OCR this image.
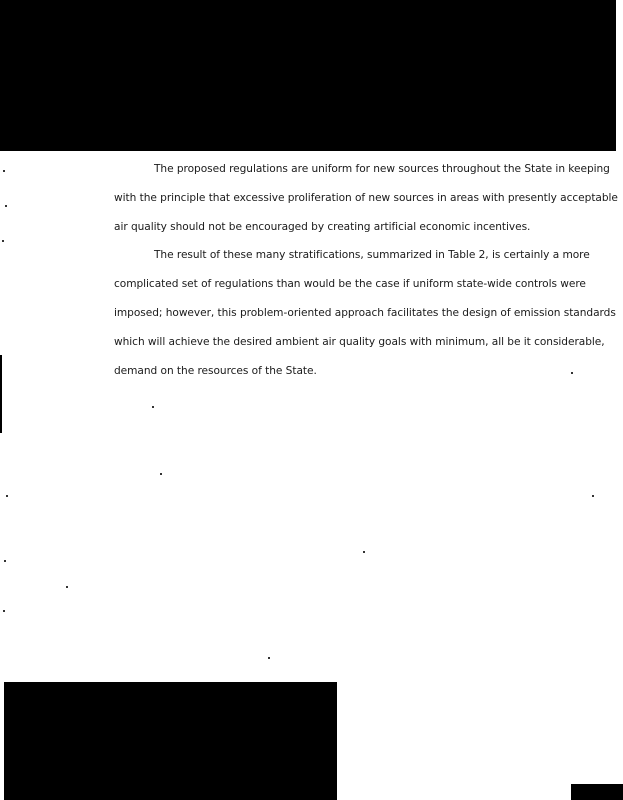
The proposed regulations are uniform for new sources throughout the State in keeping
with the principle that excessive proliferation of new sources in areas with presently acceptable
air quality should not be encouraged by creating artificial economic incentives.
The result of these many stratifications, summarized in Table 2, is certainly a more
complicated set of regulations than would be the case if uniform state-wide controls were
imposed; however, this problem-oriented approach facilitates the design of emission standards
which will achieve the desired ambient air quality goals with minimum, all be it considerable,
demand on the resources of the State.
